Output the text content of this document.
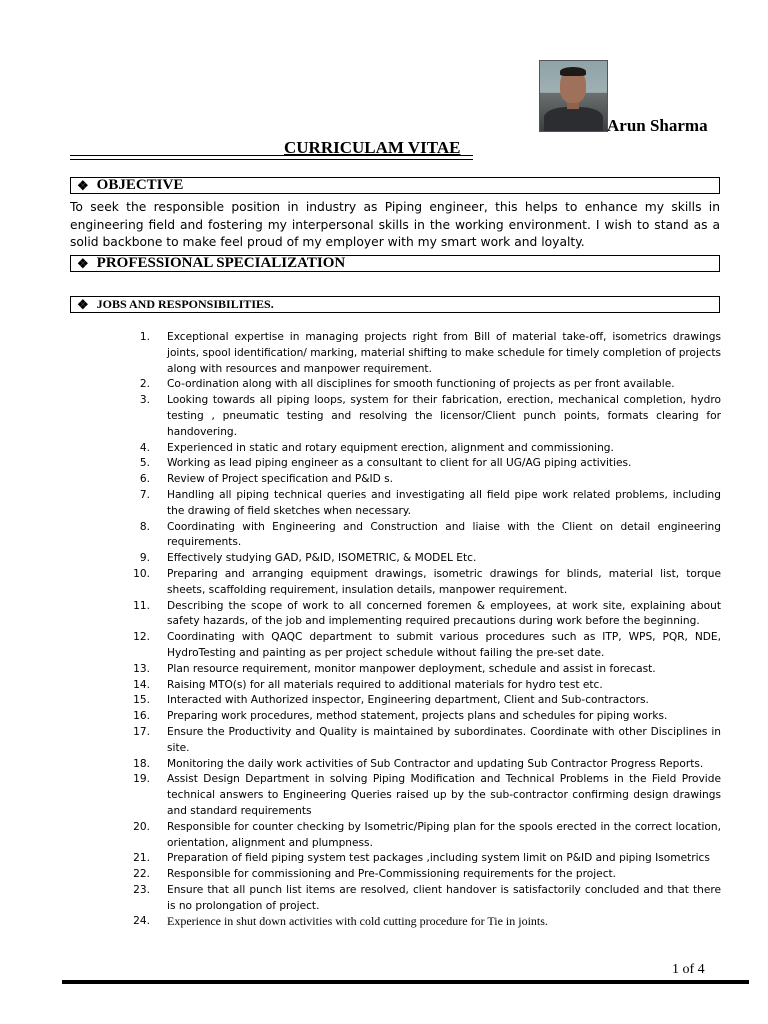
Arun Sharma
CURRICULAM VITAE
❖ OBJECTIVE
To seek the responsible position in industry as Piping engineer, this helps to enhance my skills in engineering field and fostering my interpersonal skills in the working environment. I wish to stand as a solid backbone to make feel proud of my employer with my smart work and loyalty.
❖ PROFESSIONAL SPECIALIZATION
❖ JOBS AND RESPONSIBILITIES.
1. Exceptional expertise in managing projects right from Bill of material take-off, isometrics drawings joints, spool identification/ marking, material shifting to make schedule for timely completion of projects along with resources and manpower requirement.
2. Co-ordination along with all disciplines for smooth functioning of projects as per front available.
3. Looking towards all piping loops, system for their fabrication, erection, mechanical completion, hydro testing , pneumatic testing and resolving the licensor/Client punch points, formats clearing for handovering.
4. Experienced in static and rotary equipment erection, alignment and commissioning.
5. Working as lead piping engineer as a consultant to client for all UG/AG piping activities.
6. Review of Project specification and P&ID s.
7. Handling all piping technical queries and investigating all field pipe work related problems, including the drawing of field sketches when necessary.
8. Coordinating with Engineering and Construction and liaise with the Client on detail engineering requirements.
9. Effectively studying GAD, P&ID, ISOMETRIC, & MODEL Etc.
10. Preparing and arranging equipment drawings, isometric drawings for blinds, material list, torque sheets, scaffolding requirement, insulation details, manpower requirement.
11. Describing the scope of work to all concerned foremen & employees, at work site, explaining about safety hazards, of the job and implementing required precautions during work before the beginning.
12. Coordinating with QAQC department to submit various procedures such as ITP, WPS, PQR, NDE, HydroTesting and painting as per project schedule without failing the pre-set date.
13. Plan resource requirement, monitor manpower deployment, schedule and assist in forecast.
14. Raising MTO(s) for all materials required to additional materials for hydro test etc.
15. Interacted with Authorized inspector, Engineering department, Client and Sub-contractors.
16. Preparing work procedures, method statement, projects plans and schedules for piping works.
17. Ensure the Productivity and Quality is maintained by subordinates. Coordinate with other Disciplines in site.
18. Monitoring the daily work activities of Sub Contractor and updating Sub Contractor Progress Reports.
19. Assist Design Department in solving Piping Modification and Technical Problems in the Field Provide technical answers to Engineering Queries raised up by the sub-contractor confirming design drawings and standard requirements
20. Responsible for counter checking by Isometric/Piping plan for the spools erected in the correct location, orientation, alignment and plumpness.
21. Preparation of field piping system test packages ,including system limit on P&ID and piping Isometrics
22. Responsible for commissioning and Pre-Commissioning requirements for the project.
23. Ensure that all punch list items are resolved, client handover is satisfactorily concluded and that there is no prolongation of project.
24. Experience in shut down activities with cold cutting procedure for Tie in joints.
1 of 4
